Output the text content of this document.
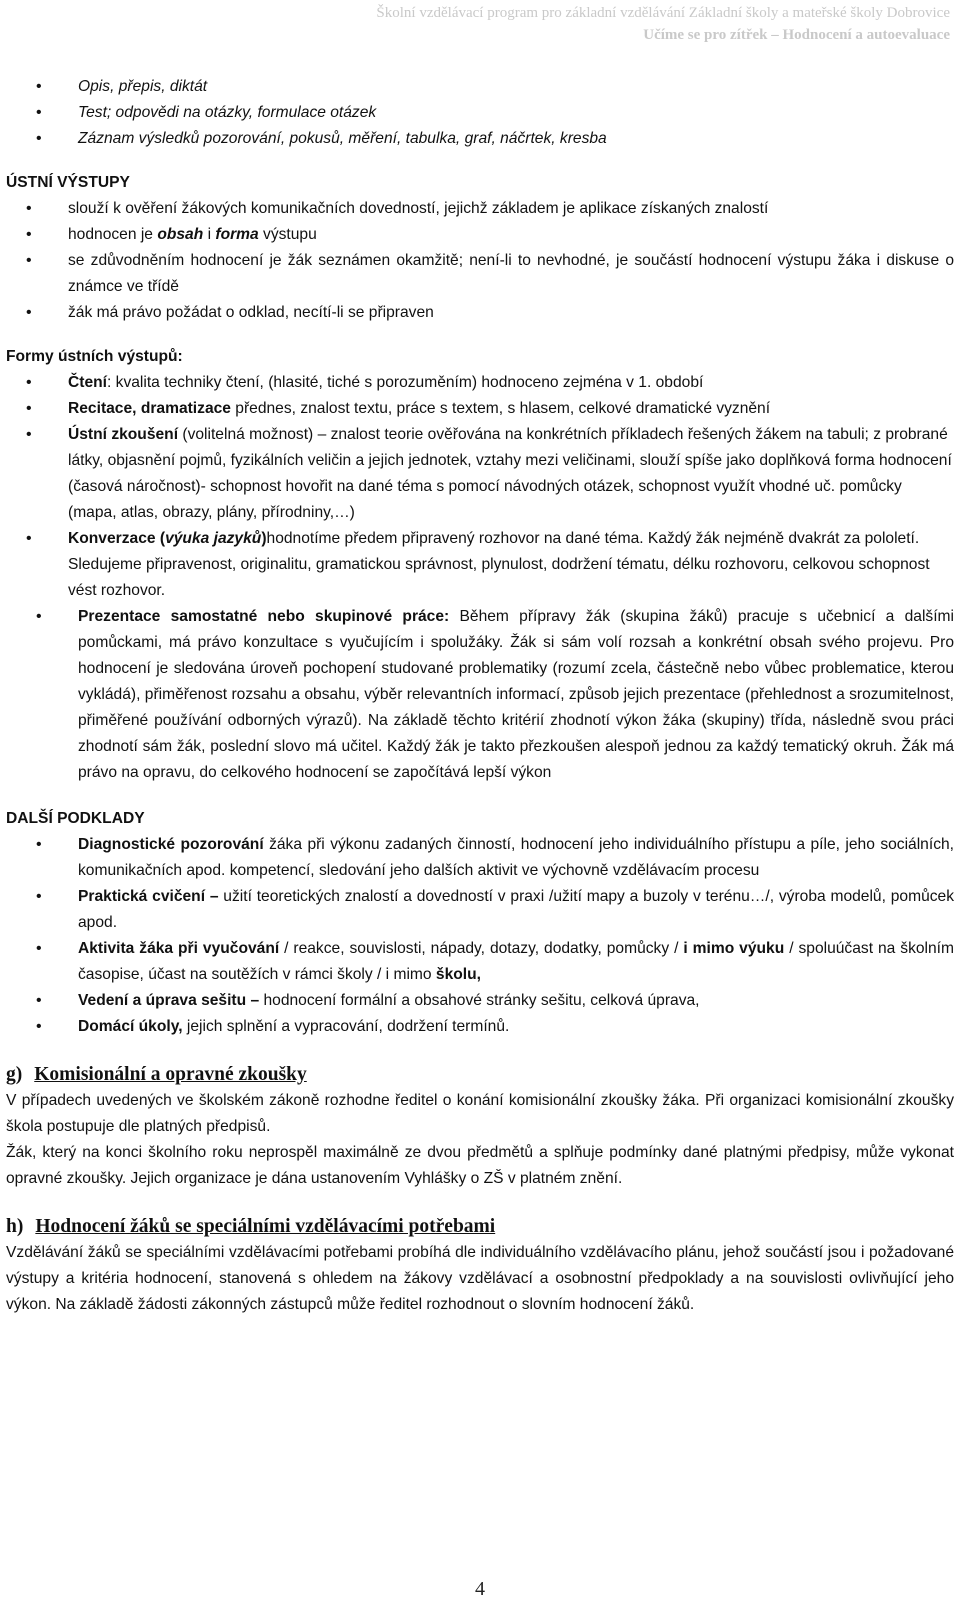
Školní vzdělávací program pro základní vzdělávání Základní školy a mateřské školy Dobrovice
Učíme se pro zítřek – Hodnocení a autoevaluace
• Opis, přepis, diktát
• Test; odpovědi na otázky, formulace otázek
• Záznam výsledků pozorování, pokusů, měření, tabulka, graf, náčrtek, kresba
ÚSTNÍ VÝSTUPY
• slouží k ověření žákových komunikačních dovedností, jejichž základem je aplikace získaných znalostí
• hodnocen je obsah i forma výstupu
• se zdůvodněním hodnocení je žák seznámen okamžitě; není-li to nevhodné, je součástí hodnocení výstupu žáka i diskuse o známce ve třídě
• žák má právo požádat o odklad, necítí-li se připraven
Formy ústních výstupů:
• Čtení: kvalita techniky čtení, (hlasité, tiché s porozuměním) hodnoceno zejména v 1. období
• Recitace, dramatizace přednes, znalost textu, práce s textem, s hlasem, celkové dramatické vyznění
• Ústní zkoušení (volitelná možnost) – znalost teorie ověřována na konkrétních příkladech řešených žákem na tabuli; z probrané látky, objasnění pojmů, fyzikálních veličin a jejich jednotek, vztahy mezi veličinami, slouží spíše jako doplňková forma hodnocení (časová náročnost)- schopnost hovořit na dané téma s pomocí návodných otázek, schopnost využít vhodné uč. pomůcky (mapa, atlas, obrazy, plány, přírodniny,…)
• Konverzace (výuka jazyků)hodnotíme předem připravený rozhovor na dané téma. Každý žák nejméně dvakrát za pololetí. Sledujeme připravenost, originalitu, gramatickou správnost, plynulost, dodržení tématu, délku rozhovoru, celkovou schopnost vést rozhovor.
• Prezentace samostatné nebo skupinové práce: Během přípravy žák (skupina žáků) pracuje s učebnicí a dalšími pomůckami, má právo konzultace s vyučujícím i spolužáky. Žák si sám volí rozsah a konkrétní obsah svého projevu. Pro hodnocení je sledována úroveň pochopení studované problematiky (rozumí zcela, částečně nebo vůbec problematice, kterou vykládá), přiměřenost rozsahu a obsahu, výběr relevantních informací, způsob jejich prezentace (přehlednost a srozumitelnost, přiměřené používání odborných výrazů). Na základě těchto kritérií zhodnotí výkon žáka (skupiny) třída, následně svou práci zhodnotí sám žák, poslední slovo má učitel. Každý žák je takto přezkoušen alespoň jednou za každý tematický okruh. Žák má právo na opravu, do celkového hodnocení se započítává lepší výkon
DALŠÍ PODKLADY
• Diagnostické pozorování žáka při výkonu zadaných činností, hodnocení jeho individuálního přístupu a píle, jeho sociálních, komunikačních apod. kompetencí, sledování jeho dalších aktivit ve výchovně vzdělávacím procesu
• Praktická cvičení – užití teoretických znalostí a dovedností v praxi /užití mapy a buzoly v terénu…/, výroba modelů, pomůcek apod.
• Aktivita žáka při vyučování / reakce, souvislosti, nápady, dotazy, dodatky, pomůcky / i mimo výuku / spoluúčast na školním časopise, účast na soutěžích v rámci školy / i mimo školu,
• Vedení a úprava sešitu – hodnocení formální a obsahové stránky sešitu, celková úprava,
• Domácí úkoly, jejich splnění a vypracování, dodržení termínů.
g) Komisionální a opravné zkoušky

V případech uvedených ve školském zákoně rozhodne ředitel o konání komisionální zkoušky žáka. Při organizaci komisionální zkoušky škola postupuje dle platných předpisů.

Žák, který na konci školního roku neprospěl maximálně ze dvou předmětů a splňuje podmínky dané platnými předpisy, může vykonat opravné zkoušky. Jejich organizace je dána ustanovením Vyhlášky o ZŠ v platném znění.

h) Hodnocení žáků se speciálními vzdělávacími potřebami

Vzdělávání žáků se speciálními vzdělávacími potřebami probíhá dle individuálního vzdělávacího plánu, jehož součástí jsou i požadované výstupy a kritéria hodnocení, stanovená s ohledem na žákovy vzdělávací a osobnostní předpoklady a na souvislosti ovlivňující jeho výkon. Na základě žádosti zákonných zástupců může ředitel rozhodnout o slovním hodnocení žáků.

4
